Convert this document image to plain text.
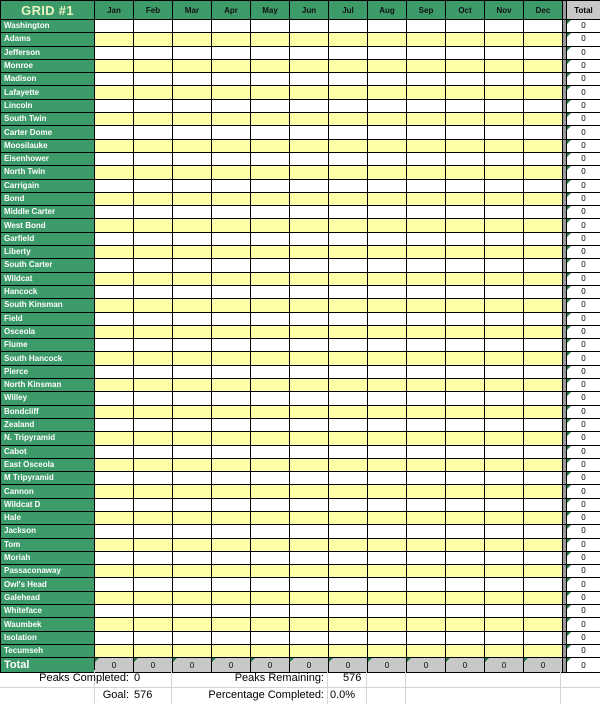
GRID #1	Jan	Feb	Mar	Apr	May	Jun	Jul	Aug	Sep	Oct	Nov	Dec		Total
Washington														0
Adams														0
Jefferson														0
Monroe														0
Madison														0
Lafayette														0
Lincoln														0
South Twin														0
Carter Dome														0
Moosilauke														0
Eisenhower														0
North Twin														0
Carrigain														0
Bond														0
Middle Carter														0
West Bond														0
Garfield														0
Liberty														0
South Carter														0
Wildcat														0
Hancock														0
South Kinsman														0
Field														0
Osceola														0
Flume														0
South Hancock														0
Pierce														0
North Kinsman														0
Willey														0
Bondcliff														0
Zealand														0
N. Tripyramid														0
Cabot														0
East Osceola														0
M Tripyramid														0
Cannon														0
Wildcat D														0
Hale														0
Jackson														0
Tom														0
Moriah														0
Passaconaway														0
Owl's Head														0
Galehead														0
Whiteface														0
Waumbek														0
Isolation														0
Tecumseh														0
Total	0	0	0	0	0	0	0	0	0	0	0	0		0
Peaks Completed: 0	Peaks Remaining: 576
Goal: 576	Percentage Completed: 0.0%
